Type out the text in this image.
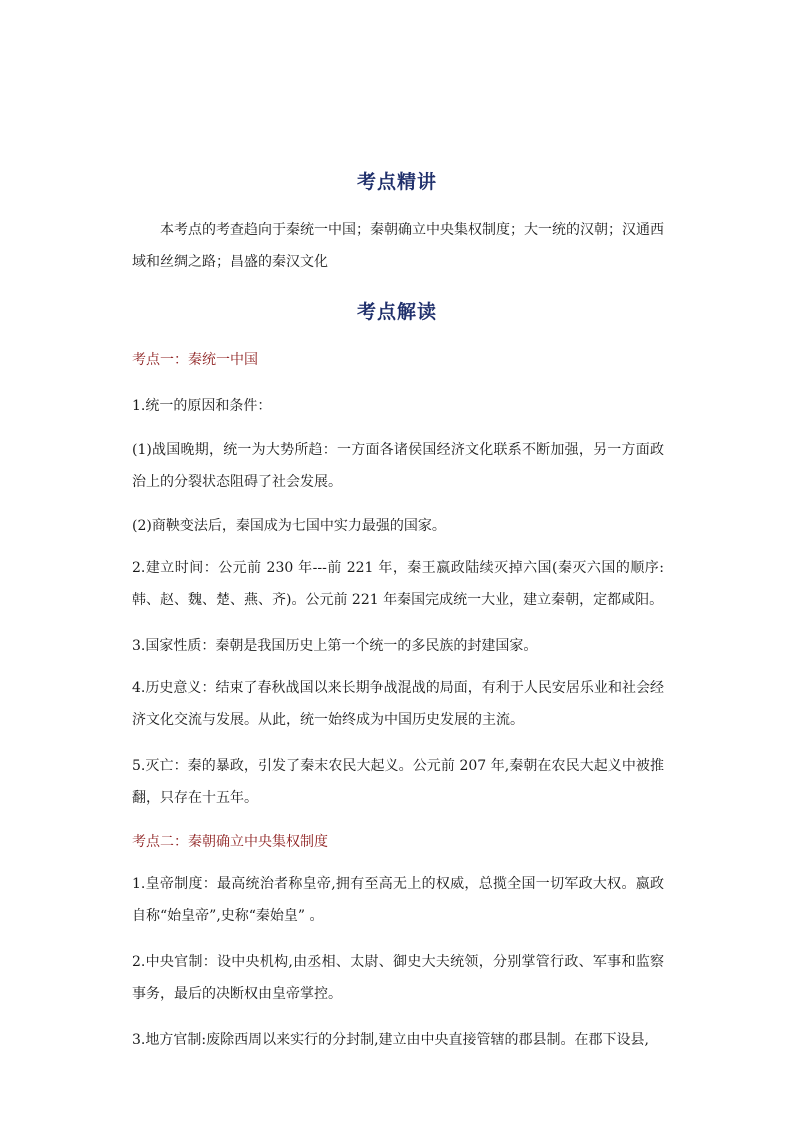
考点精讲
本考点的考查趋向于秦统一中国；秦朝确立中央集权制度；大一统的汉朝；汉通西域和丝绸之路；昌盛的秦汉文化
考点解读
考点一：秦统一中国
1.统一的原因和条件：
(1)战国晚期，统一为大势所趋：一方面各诸侯国经济文化联系不断加强，另一方面政治上的分裂状态阻碍了社会发展。
(2)商鞅变法后，秦国成为七国中实力最强的国家。
2.建立时间：公元前 230 年---前 221 年，秦王嬴政陆续灭掉六国(秦灭六国的顺序:韩、赵、魏、楚、燕、齐)。公元前 221 年秦国完成统一大业，建立秦朝，定都咸阳。
3.国家性质：秦朝是我国历史上第一个统一的多民族的封建国家。
4.历史意义：结束了春秋战国以来长期争战混战的局面，有利于人民安居乐业和社会经济文化交流与发展。从此，统一始终成为中国历史发展的主流。
5.灭亡：秦的暴政，引发了秦末农民大起义。公元前 207 年,秦朝在农民大起义中被推翻，只存在十五年。
考点二：秦朝确立中央集权制度
1.皇帝制度：最高统治者称皇帝,拥有至高无上的权威，总揽全国一切军政大权。嬴政自称“始皇帝”,史称“秦始皇” 。
2.中央官制：设中央机构,由丞相、太尉、御史大夫统领，分别掌管行政、军事和监察事务，最后的决断权由皇帝掌控。
3.地方官制:废除西周以来实行的分封制,建立由中央直接管辖的郡县制。在郡下设县,
